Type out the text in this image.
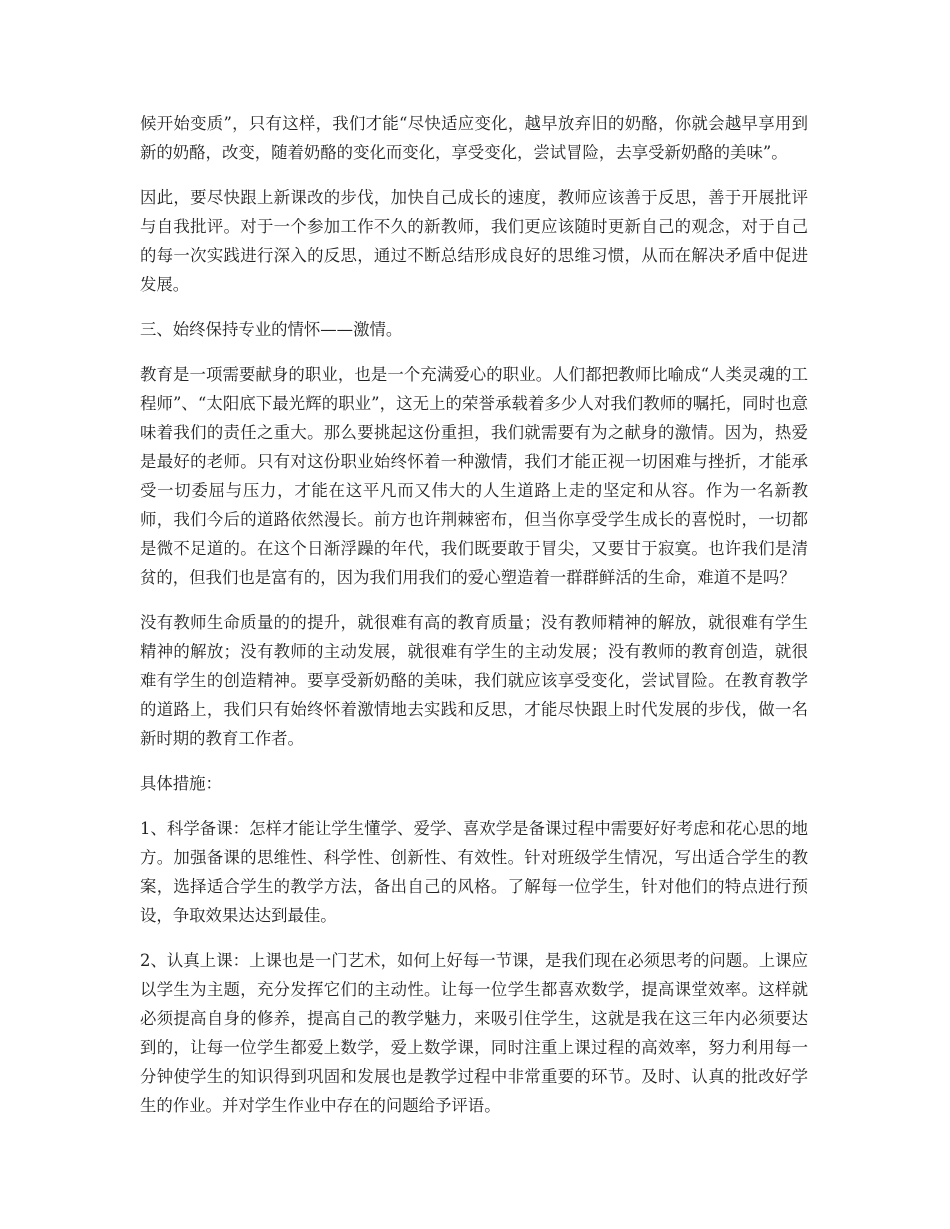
候开始变质”，只有这样，我们才能“尽快适应变化，越早放弃旧的奶酪，你就会越早享用到新的奶酪，改变，随着奶酪的变化而变化，享受变化，尝试冒险，去享受新奶酪的美味”。

因此，要尽快跟上新课改的步伐，加快自己成长的速度，教师应该善于反思，善于开展批评与自我批评。对于一个参加工作不久的新教师，我们更应该随时更新自己的观念，对于自己的每一次实践进行深入的反思，通过不断总结形成良好的思维习惯，从而在解决矛盾中促进发展。

三、始终保持专业的情怀——激情。

教育是一项需要献身的职业，也是一个充满爱心的职业。人们都把教师比喻成“人类灵魂的工程师”、“太阳底下最光辉的职业”，这无上的荣誉承载着多少人对我们教师的嘱托，同时也意味着我们的责任之重大。那么要挑起这份重担，我们就需要有为之献身的激情。因为，热爱是最好的老师。只有对这份职业始终怀着一种激情，我们才能正视一切困难与挫折，才能承受一切委屈与压力，才能在这平凡而又伟大的人生道路上走的坚定和从容。作为一名新教师，我们今后的道路依然漫长。前方也许荆棘密布，但当你享受学生成长的喜悦时，一切都是微不足道的。在这个日渐浮躁的年代，我们既要敢于冒尖，又要甘于寂寞。也许我们是清贫的，但我们也是富有的，因为我们用我们的爱心塑造着一群群鲜活的生命，难道不是吗？

没有教师生命质量的的提升，就很难有高的教育质量；没有教师精神的解放，就很难有学生精神的解放；没有教师的主动发展，就很难有学生的主动发展；没有教师的教育创造，就很难有学生的创造精神。要享受新奶酪的美味，我们就应该享受变化，尝试冒险。在教育教学的道路上，我们只有始终怀着激情地去实践和反思，才能尽快跟上时代发展的步伐，做一名新时期的教育工作者。

具体措施：

1、科学备课：怎样才能让学生懂学、爱学、喜欢学是备课过程中需要好好考虑和花心思的地方。加强备课的思维性、科学性、创新性、有效性。针对班级学生情况，写出适合学生的教案，选择适合学生的教学方法，备出自己的风格。了解每一位学生，针对他们的特点进行预设，争取效果达达到最佳。

2、认真上课：上课也是一门艺术，如何上好每一节课，是我们现在必须思考的问题。上课应以学生为主题，充分发挥它们的主动性。让每一位学生都喜欢数学，提高课堂效率。这样就必须提高自身的修养，提高自己的教学魅力，来吸引住学生，这就是我在这三年内必须要达到的，让每一位学生都爱上数学，爱上数学课，同时注重上课过程的高效率，努力利用每一分钟使学生的知识得到巩固和发展也是教学过程中非常重要的环节。及时、认真的批改好学生的作业。并对学生作业中存在的问题给予评语。
